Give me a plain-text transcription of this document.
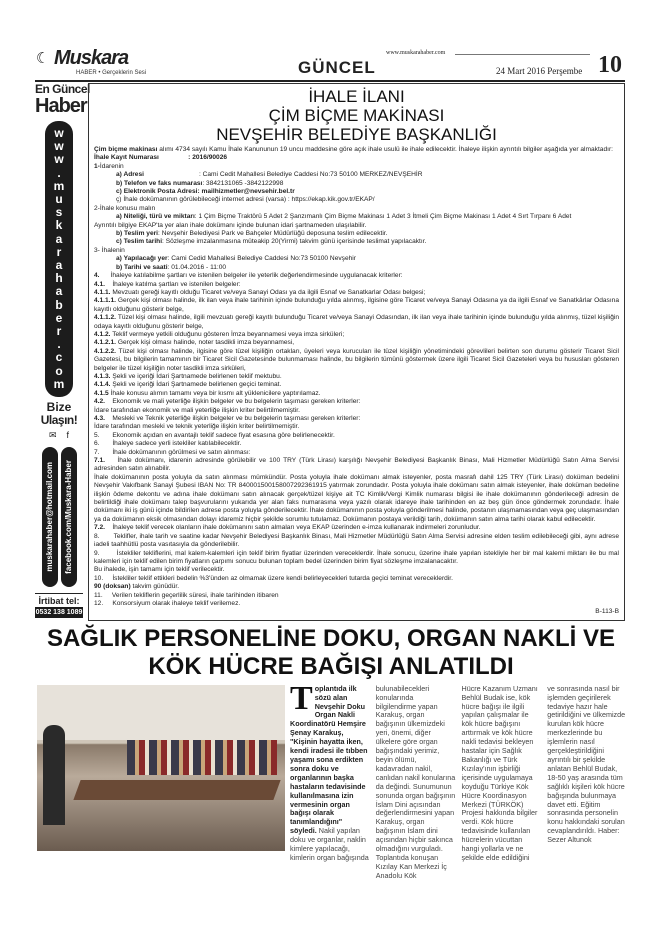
☾ Muskara
HABER • Gerçeklerin Sesi	GÜNCEL
www.muskarahaber.com
24 Mart 2016 Perşembe 10
En Güncel
Haber
w
w
w
.
m
u
s
k
a
r
a
h
a
b
e
r
.
c
o
m
Bize
Ulaşın!
✉ f
muskarahaber@hotmail.com facebook.com/Muskara-Haber
İrtibat tel:
0532 138 1089
İHALE İLANI
ÇİM BİÇME MAKİNASI
NEVŞEHİR BELEDİYE BAŞKANLIĞI

Çim biçme makinası alımı 4734 sayılı Kamu İhale Kanununun 19 uncu maddesine göre açık ihale usulü ile ihale edilecektir. İhaleye ilişkin ayrıntılı bilgiler aşağıda yer almaktadır:

İhale Kayıt Numarası                : 2016/90026

1-İdarenin

a) Adresi                              : Cami Cedit Mahallesi Belediye Caddesi No:73 50100 MERKEZ/NEVŞEHİR

b) Telefon ve faks numarası: 3842131065 -3842122998

c) Elektronik Posta Adresi: mailhizmetler@nevsehir.bel.tr

ç) İhale dokümanının görülebileceği internet adresi (varsa) : https://ekap.kik.gov.tr/EKAP/

2-İhale konusu malın

a) Niteliği, türü ve miktarı: 1 Çim Biçme Traktörü 5 Adet 2 Şanzımanlı Çim Biçme Makinası 1 Adet 3 İtmeli Çim Biçme Makinası 1 Adet 4 Sırt Tırpanı 6 Adet

Ayrıntılı bilgiye EKAP'ta yer alan ihale dokümanı içinde bulunan idari şartnameden ulaşılabilir.

b) Teslim yeri: Nevşehir Belediyesi Park ve Bahçeler Müdürlüğü deposuna teslim edilecektir.

c) Teslim tarihi: Sözleşme imzalanmasına müteakip 20(Yirmi) takvim günü içerisinde teslimat yapılacaktır.

3- İhalenin

a) Yapılacağı yer: Cami Cedid Mahallesi Belediye Caddesi No:73 50100 Nevşehir

b) Tarihi ve saati: 01.04.2016 - 11:00

4.      İhaleye katılabilme şartları ve istenilen belgeler ile yeterlik değerlendirmesinde uygulanacak kriterler:

4.1.    İhaleye katılma şartları ve istenilen belgeler:

4.1.1. Mevzuatı gereği kayıtlı olduğu Ticaret ve/veya Sanayi Odası ya da ilgili Esnaf ve Sanatkarlar Odası belgesi;

4.1.1.1. Gerçek kişi olması halinde, ilk ilan veya ihale tarihinin içinde bulunduğu yılda alınmış, ilgisine göre Ticaret ve/veya Sanayi Odasına ya da ilgili Esnaf ve Sanatkârlar Odasına kayıtlı olduğunu gösterir belge,

4.1.1.2. Tüzel kişi olması halinde, ilgili mevzuatı gereği kayıtlı bulunduğu Ticaret ve/veya Sanayi Odasından, ilk ilan veya ihale tarihinin içinde bulunduğu yılda alınmış, tüzel kişiliğin odaya kayıtlı olduğunu gösterir belge,

4.1.2. Teklif vermeye yetkili olduğunu gösteren İmza beyannamesi veya imza sirküleri;

4.1.2.1. Gerçek kişi olması halinde, noter tasdikli imza beyannamesi,

4.1.2.2. Tüzel kişi olması halinde, ilgisine göre tüzel kişiliğin ortakları, üyeleri veya kurucuları ile tüzel kişiliğin yönetimindeki görevlileri belirten son durumu gösterir Ticaret Sicil Gazetesi, bu bilgilerin tamamının bir Ticaret Sicil Gazetesinde bulunmaması halinde, bu bilgilerin tümünü göstermek üzere ilgili Ticaret Sicil Gazeteleri veya bu hususları gösteren belgeler ile tüzel kişiliğin noter tasdikli imza sirküleri,

4.1.3. Şekli ve içeriği İdari Şartnamede belirlenen teklif mektubu.

4.1.4. Şekli ve içeriği İdari Şartnamede belirlenen geçici teminat.

4.1.5 İhale konusu alımın tamamı veya bir kısmı alt yüklenicilere yaptırılamaz.

4.2.    Ekonomik ve mali yeterliğe ilişkin belgeler ve bu belgelerin taşıması gereken kriterler:

İdare tarafından ekonomik ve mali yeterliğe ilişkin kriter belirtilmemiştir.

4.3.    Mesleki ve Teknik yeterliğe ilişkin belgeler ve bu belgelerin taşıması gereken kriterler:

İdare tarafından mesleki ve teknik yeterliğe ilişkin kriter belirtilmemiştir.

5.       Ekonomik açıdan en avantajlı teklif sadece fiyat esasına göre belirlenecektir.

6.       İhaleye sadece yerli istekliler katılabilecektir.

7.       İhale dokümanının görülmesi ve satın alınması:

7.1.    İhale dokümanı, idarenin adresinde görülebilir ve 100 TRY (Türk Lirası) karşılığı Nevşehir Belediyesi Başkanlık Binası, Mali Hizmetler Müdürlüğü Satın Alma Servisi adresinden satın alınabilir.

İhale dokümanının posta yoluyla da satın alınması mümkündür. Posta yoluyla ihale dokümanı almak isteyenler, posta masrafı dahil 125 TRY (Türk Lirası) doküman bedelini Nevşehir Vakıfbank Sanayi Şubesi IBAN No: TR 840001500158007292361915 yatırmak zorundadır. Posta yoluyla ihale dokümanı satın almak isteyenler, ihale doküman bedeline ilişkin ödeme dekontu ve adına ihale dokümanı satın alınacak gerçek/tüzel kişiye ait TC Kimlik/Vergi Kimlik numarası bilgisi ile ihale dokümanının gönderileceği adresin de belirtildiği ihale dokümanı talep başvurularını yukarıda yer alan faks numarasına veya yazılı olarak idareye ihale tarihinden en az beş gün önce göndermek zorundadır. İhale dokümanı iki iş günü içinde bildirilen adrese posta yoluyla gönderilecektir. İhale dokümanının posta yoluyla gönderilmesi halinde, postanın ulaşmamasından veya geç ulaşmasından ya da dokümanın eksik olmasından dolayı idaremiz hiçbir şekilde sorumlu tutulamaz. Dokümanın postaya verildiği tarih, dokümanın satın alma tarihi olarak kabul edilecektir.

7.2.    İhaleye teklif verecek olanların ihale dokümanını satın almaları veya EKAP üzerinden e-imza kullanarak indirmeleri zorunludur.

8.       Teklifler, ihale tarih ve saatine kadar Nevşehir Belediyesi Başkanlık Binası, Mali Hizmetler Müdürlüğü Satın Alma Servisi adresine elden teslim edilebileceği gibi, aynı adrese iadeli taahhütlü posta vasıtasıyla da gönderilebilir.

9.       İstekliler tekliflerini, mal kalem-kalemleri için teklif birim fiyatlar üzerinden vereceklerdir. İhale sonucu, üzerine ihale yapılan istekliyle her bir mal kalemi miktarı ile bu mal kalemleri için teklif edilen birim fiyatların çarpımı sonucu bulunan toplam bedel üzerinden birim fiyat sözleşme imzalanacaktır.

Bu ihalede, işin tamamı için teklif verilecektir.

10.     İstekliler teklif ettikleri bedelin %3'ünden az olmamak üzere kendi belirleyecekleri tutarda geçici teminat vereceklerdir.

90 (doksan) takvim günüdür.

11.     Verilen tekliflerin geçerlilik süresi, ihale tarihinden itibaren

12.     Konsorsiyum olarak ihaleye teklif verilemez.

B-113-B
SAĞLIK PERSONELİNE DOKU, ORGAN NAKLİ VE KÖK HÜCRE BAĞIŞI ANLATILDI
Toplantıda ilk sözü alan Nevşehir Doku Organ Nakli Koordinatörü Hemşire Şenay Karakuş, "Kişinin hayatta iken, kendi iradesi ile tıbben yaşamı sona erdikten sonra doku ve organlarının başka hastaların tedavisinde kullanılmasına izin vermesinin organ bağışı olarak tanımlandığını" söyledi. Nakil yapılan doku ve organlar, naklin kimlere yapılacağı, kimlerin organ bağışında
bulunabilecekleri konularında bilgilendirme yapan Karakuş, organ bağışının ülkemizdeki yeri, önemi, diğer ülkelere göre organ bağışındaki yerimiz, beyin ölümü, kadavradan nakil, canlıdan nakil konularına da değindi. Sunumunun sonunda organ bağışının İslam Dini açısından değerlendirmesini yapan Karakuş, organ bağışının İslam dini açısından hiçbir sakınca olmadığını vurguladı. Toplantıda konuşan Kızılay Kan Merkezi İç Anadolu Kök
Hücre Kazanım Uzmanı Behlül Budak ise, kök hücre bağışı ile ilgili yapılan çalışmalar ile kök hücre bağışını arttırmak ve kök hücre nakli tedavisi bekleyen hastalar için Sağlık Bakanlığı ve Türk Kızılay'ının işbirliği içerisinde uygulamaya koyduğu Türkiye Kök Hücre Koordinasyon Merkezi (TÜRKÖK) Projesi hakkında bilgiler verdi. Kök hücre tedavisinde kullanılan hücrelerin vücuttan hangi yollarla ve ne şekilde elde edildiğini
ve sonrasında nasıl bir işlemden geçirilerek tedaviye hazır hale getirildiğini ve ülkemizde kurulan kök hücre merkezlerinde bu işlemlerin nasıl gerçekleştirildiğini ayrıntılı bir şekilde anlatan Behlül Budak, 18-50 yaş arasında tüm sağlıklı kişileri kök hücre bağışında bulunmaya davet etti. Eğitim sonrasında personelin konu hakkındaki sorulan cevaplandırıldı. Haber: Sezer Altunok
